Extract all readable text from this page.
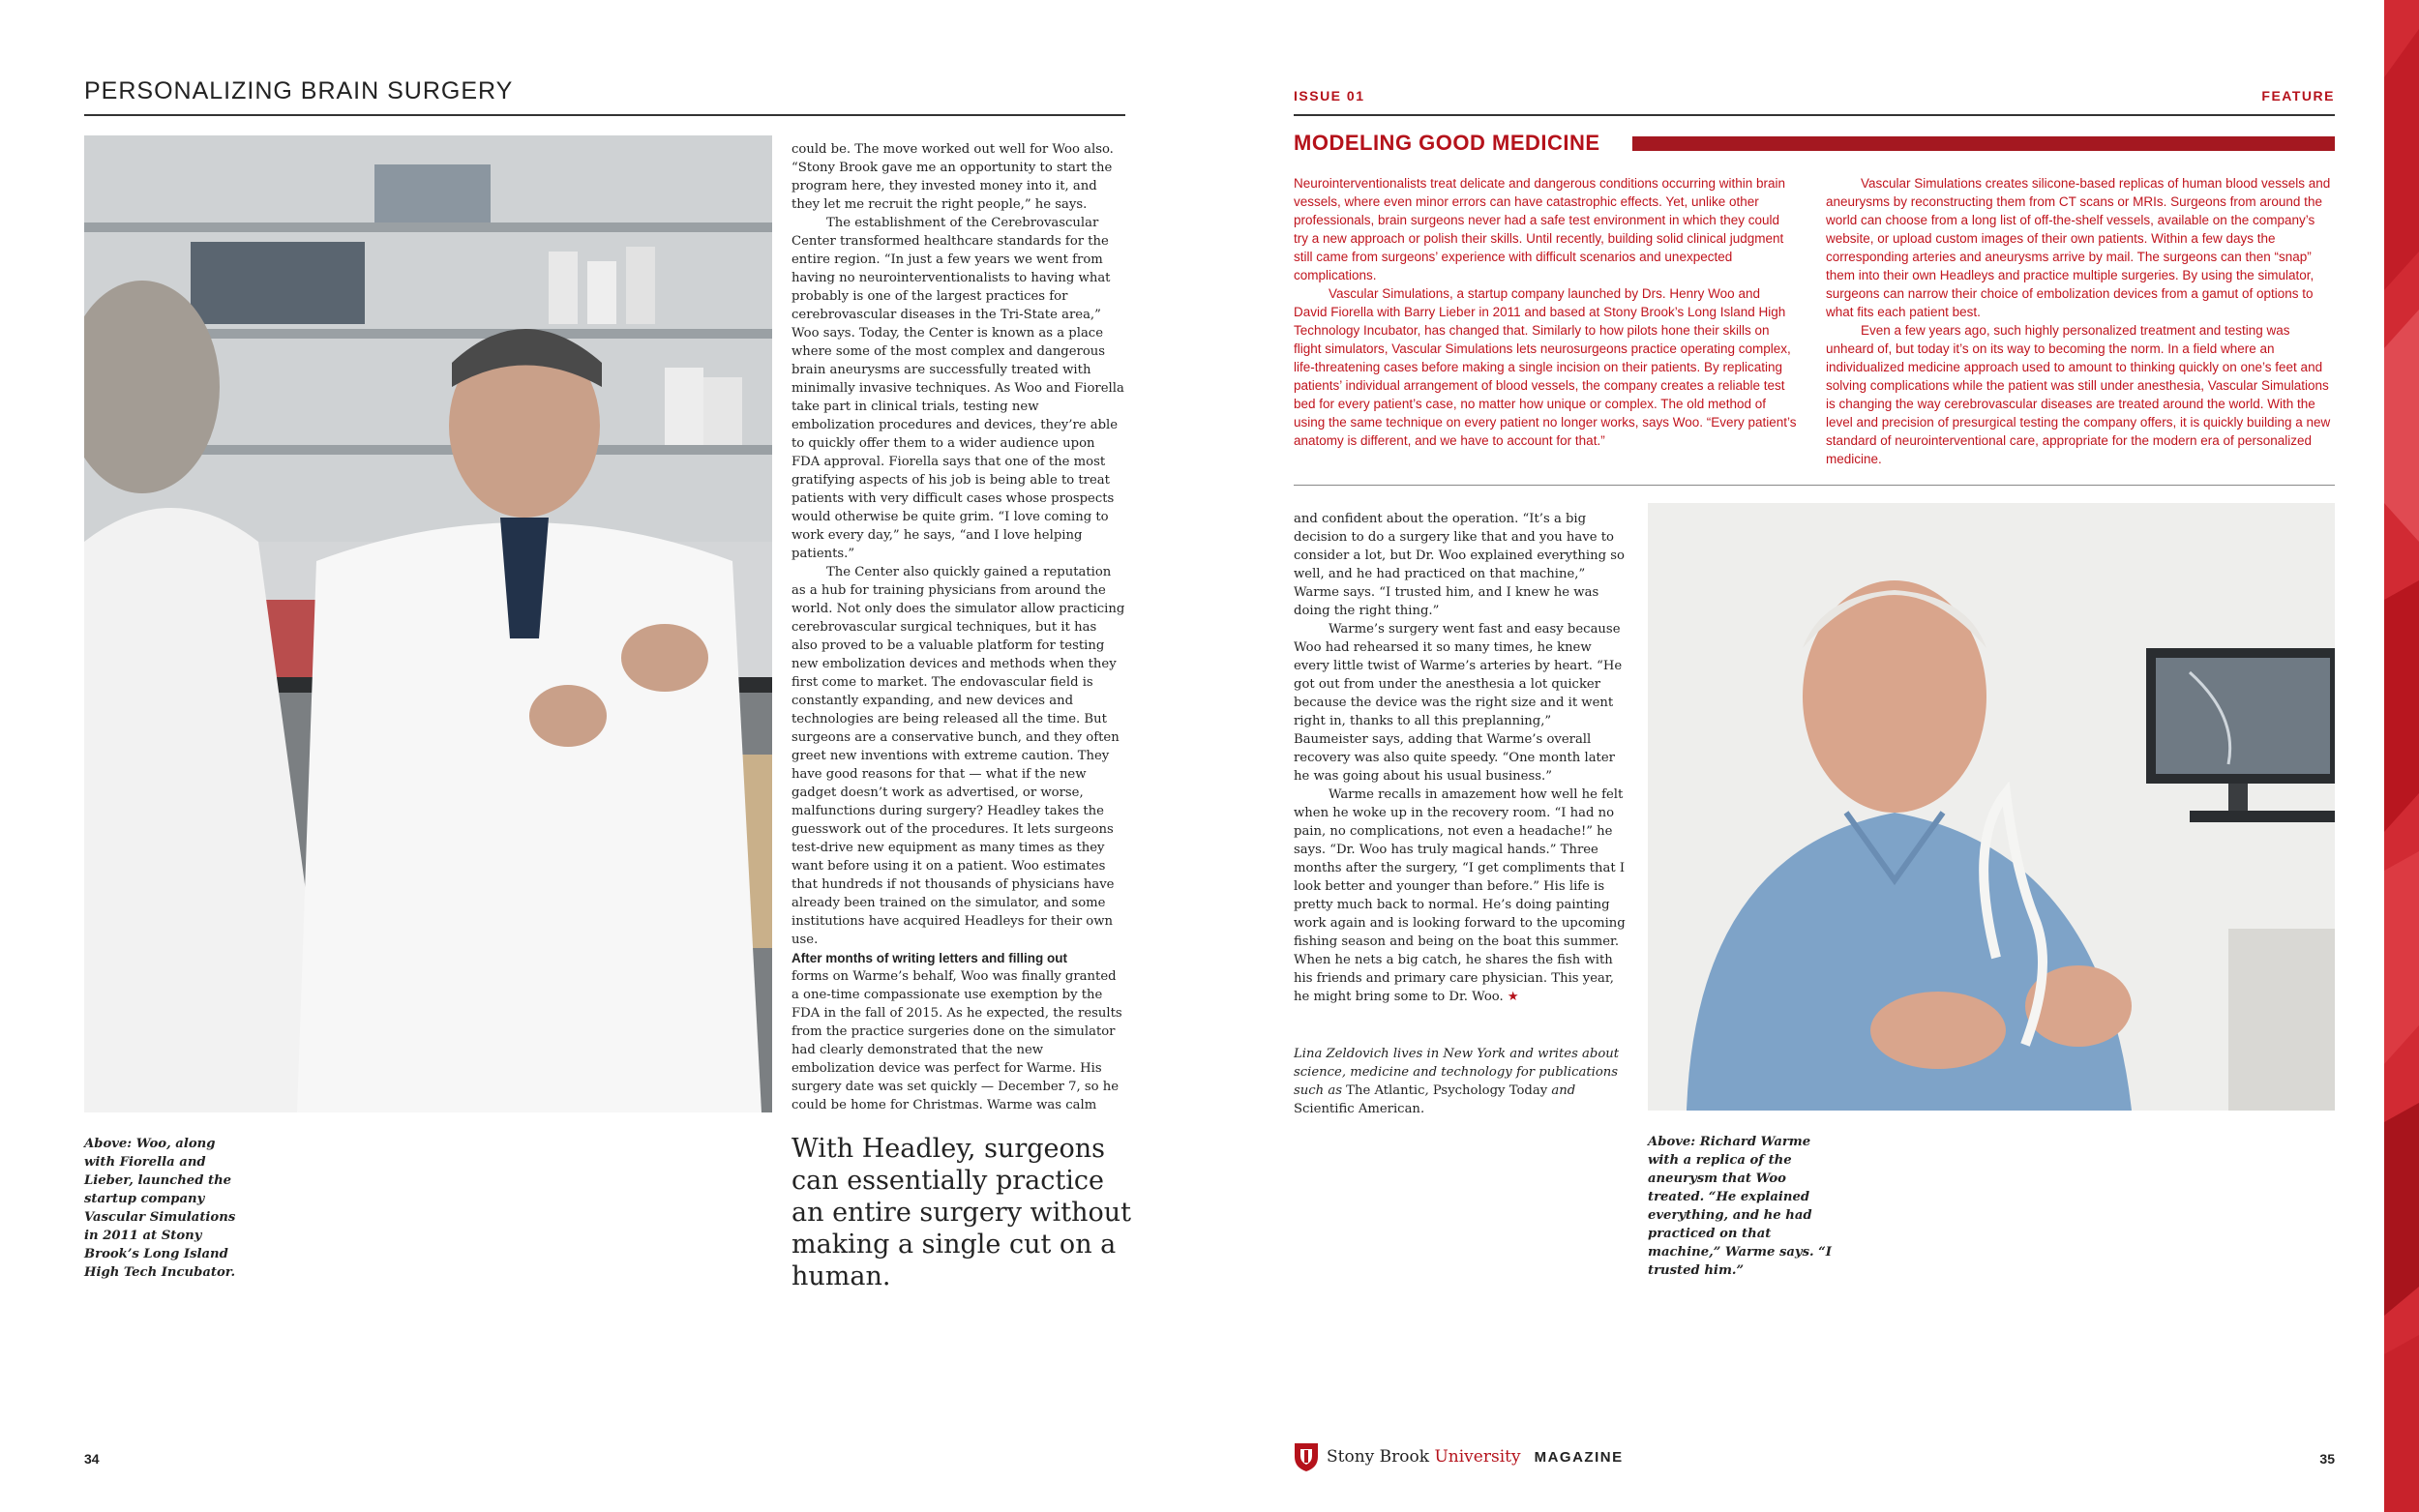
PERSONALIZING BRAIN SURGERY	ISSUE 01	FEATURE

could be. The move worked out well for Woo also. “Stony Brook gave me an opportunity to start the program here, they invested money into it, and they let me recruit the right people,” he says.

The establishment of the Cerebrovascular Center transformed healthcare standards for the entire region. “In just a few years we went from having no neurointerventionalists to having what probably is one of the largest practices for cerebrovascular diseases in the Tri-State area,” Woo says. Today, the Center is known as a place where some of the most complex and dangerous brain aneurysms are successfully treated with minimally invasive techniques. As Woo and Fiorella take part in clinical trials, testing new embolization procedures and devices, they’re able to quickly offer them to a wider audience upon FDA approval. Fiorella says that one of the most gratifying aspects of his job is being able to treat patients with very difficult cases whose prospects would otherwise be quite grim. “I love coming to work every day,” he says, “and I love helping patients.”

The Center also quickly gained a reputation as a hub for training physicians from around the world. Not only does the simulator allow practicing cerebrovascular surgical techniques, but it has also proved to be a valuable platform for testing new embolization devices and methods when they first come to market. The endovascular field is constantly expanding, and new devices and technologies are being released all the time. But surgeons are a conservative bunch, and they often greet new inventions with extreme caution. They have good reasons for that — what if the new gadget doesn’t work as advertised, or worse, malfunctions during surgery? Headley takes the guesswork out of the procedures. It lets surgeons test-drive new equipment as many times as they want before using it on a patient. Woo estimates that hundreds if not thousands of physicians have already been trained on the simulator, and some institutions have acquired Headleys for their own use.

After months of writing letters and filling out

forms on Warme’s behalf, Woo was finally granted a one-time compassionate use exemption by the FDA in the fall of 2015. As he expected, the results from the practice surgeries done on the simulator had clearly demonstrated that the new embolization device was perfect for Warme. His surgery date was set quickly — December 7, so he could be home for Christmas. Warme was calm

With Headley, surgeons can essentially practice an entire surgery without making a single cut on a human.
Above: Woo, along with Fiorella and Lieber, launched the startup company Vascular Simulations in 2011 at Stony Brook’s Long Island High Tech Incubator.
Above: Richard Warme with a replica of the aneurysm that Woo treated. “He explained everything, and he had practiced on that machine,” Warme says. “I trusted him.”
MODELING GOOD MEDICINE

Neurointerventionalists treat delicate and dangerous conditions occurring within brain vessels, where even minor errors can have catastrophic effects. Yet, unlike other professionals, brain surgeons never had a safe test environment in which they could try a new approach or polish their skills. Until recently, building solid clinical judgment still came from surgeons’ experience with difficult scenarios and unexpected complications.

Vascular Simulations, a startup company launched by Drs. Henry Woo and David Fiorella with Barry Lieber in 2011 and based at Stony Brook’s Long Island High Technology Incubator, has changed that. Similarly to how pilots hone their skills on flight simulators, Vascular Simulations lets neurosurgeons practice operating complex, life-threatening cases before making a single incision on their patients. By replicating patients’ individual arrangement of blood vessels, the company creates a reliable test bed for every patient’s case, no matter how unique or complex. The old method of using the same technique on every patient no longer works, says Woo. “Every patient’s anatomy is different, and we have to account for that.”

Vascular Simulations creates silicone-based replicas of human blood vessels and aneurysms by reconstructing them from CT scans or MRIs. Surgeons from around the world can choose from a long list of off-the-shelf vessels, available on the company’s website, or upload custom images of their own patients. Within a few days the corresponding arteries and aneurysms arrive by mail. The surgeons can then “snap” them into their own Headleys and practice multiple surgeries. By using the simulator, surgeons can narrow their choice of embolization devices from a gamut of options to what fits each patient best.

Even a few years ago, such highly personalized treatment and testing was unheard of, but today it’s on its way to becoming the norm. In a field where an individualized medicine approach used to amount to thinking quickly on one’s feet and solving complications while the patient was still under anesthesia, Vascular Simulations is changing the way cerebrovascular diseases are treated around the world. With the level and precision of presurgical testing the company offers, it is quickly building a new standard of neurointerventional care, appropriate for the modern era of personalized medicine.

and confident about the operation. “It’s a big decision to do a surgery like that and you have to consider a lot, but Dr. Woo explained everything so well, and he had practiced on that machine,” Warme says. “I trusted him, and I knew he was doing the right thing.”

Warme’s surgery went fast and easy because Woo had rehearsed it so many times, he knew every little twist of Warme’s arteries by heart. “He got out from under the anesthesia a lot quicker because the device was the right size and it went right in, thanks to all this preplanning,” Baumeister says, adding that Warme’s overall recovery was also quite speedy. “One month later he was going about his usual business.”

Warme recalls in amazement how well he felt when he woke up in the recovery room. “I had no pain, no complications, not even a headache!” he says. “Dr. Woo has truly magical hands.” Three months after the surgery, “I get compliments that I look better and younger than before.” His life is pretty much back to normal. He’s doing painting work again and is looking forward to the upcoming fishing season and being on the boat this summer. When he nets a big catch, he shares the fish with his friends and primary care physician. This year, he might bring some to Dr. Woo. ★

Lina Zeldovich lives in New York and writes about science, medicine and technology for publications such as The Atlantic, Psychology Today and Scientific American.
34	35
Stony Brook University MAGAZINE
